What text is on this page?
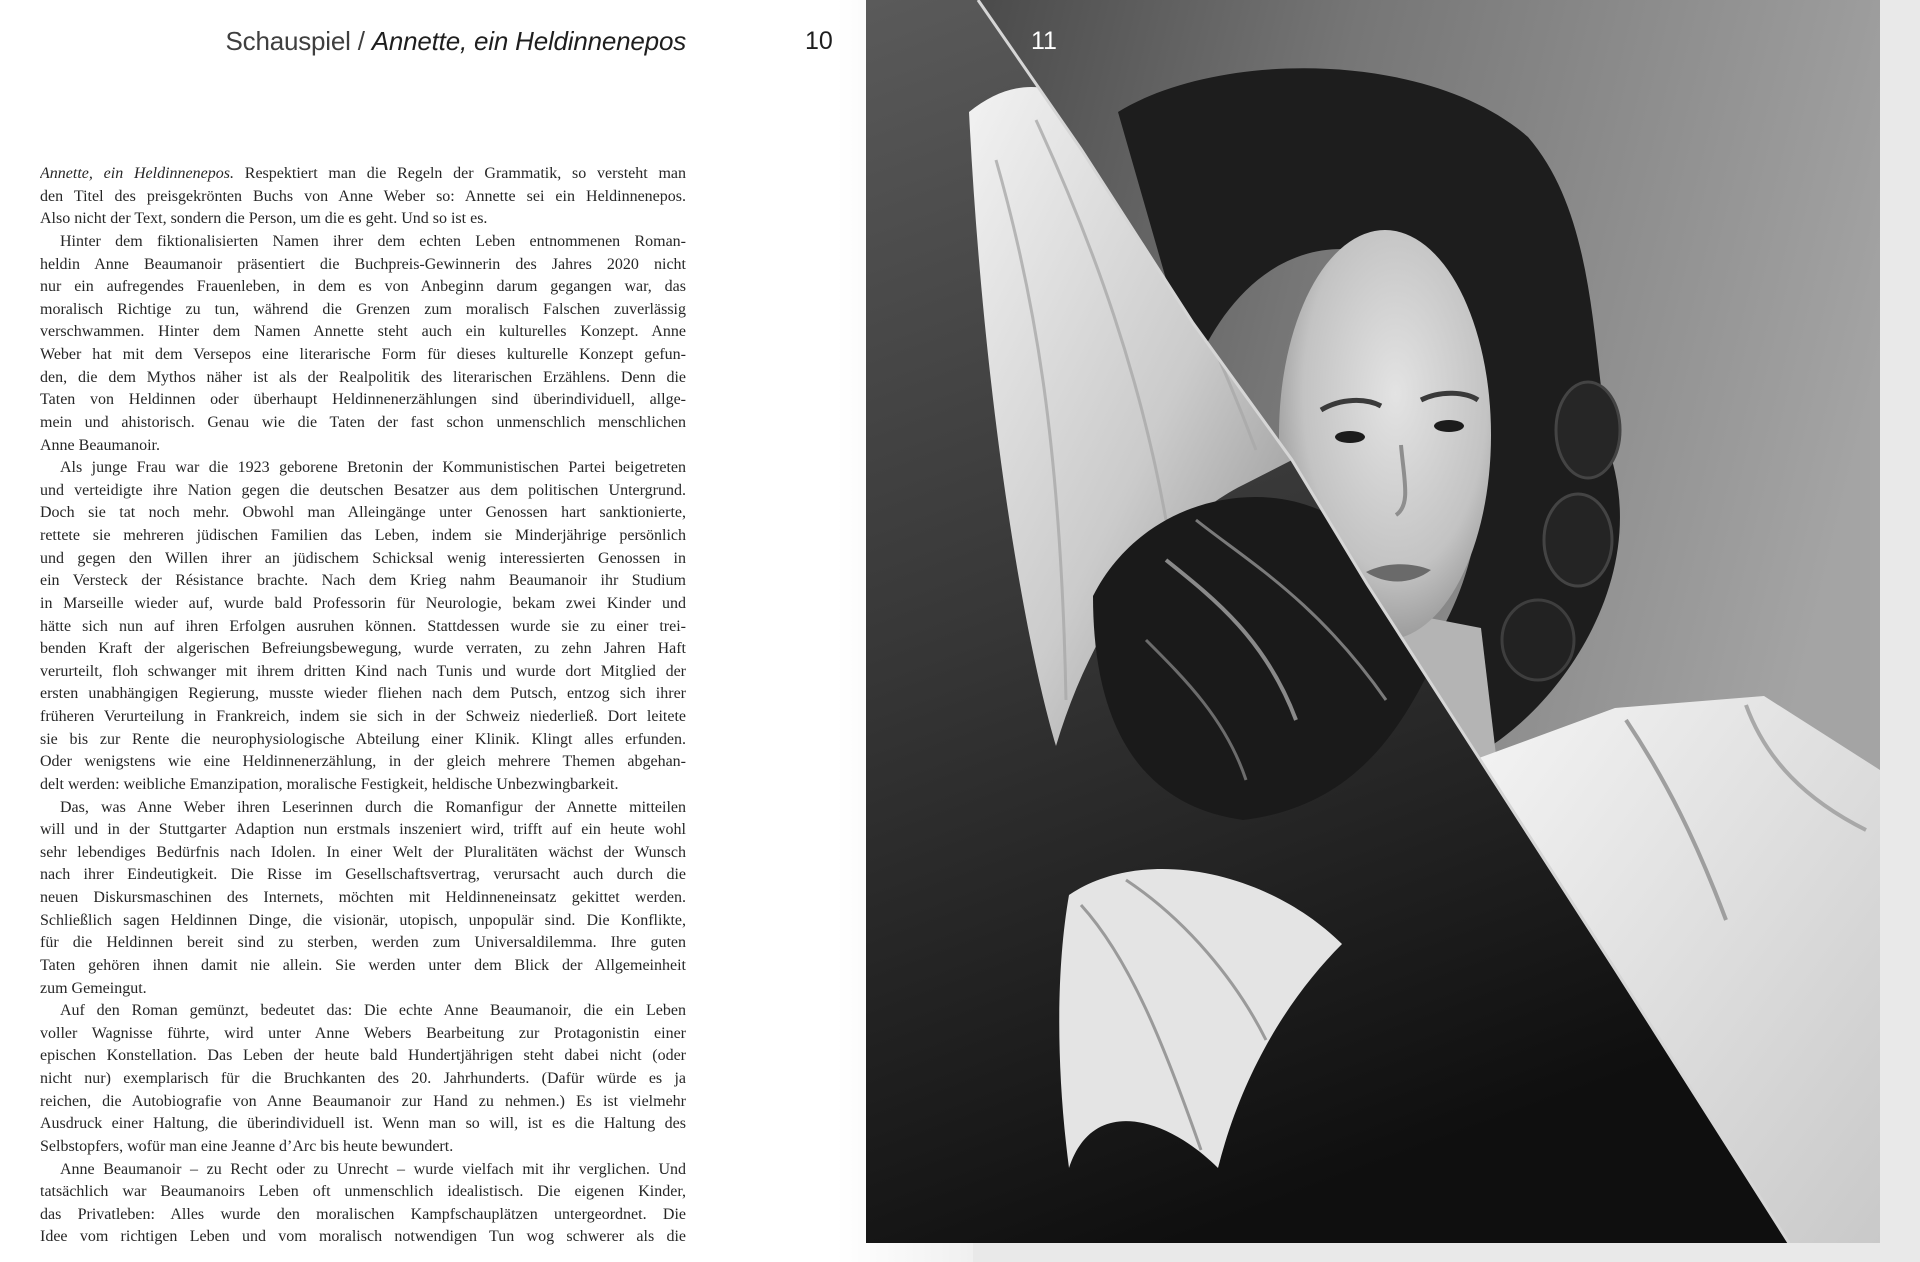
Schauspiel / Annette, ein Heldinnenepos	10	11
Annette, ein Heldinnenepos. Respektiert man die Regeln der Grammatik, so versteht man
den Titel des preisgekrönten Buchs von Anne Weber so: Annette sei ein Heldinnenepos.
Also nicht der Text, sondern die Person, um die es geht. Und so ist es.
Hinter dem fiktionalisierten Namen ihrer dem echten Leben entnommenen Roman-
heldin Anne Beaumanoir präsentiert die Buchpreis-Gewinnerin des Jahres 2020 nicht
nur ein aufregendes Frauenleben, in dem es von Anbeginn darum gegangen war, das
moralisch Richtige zu tun, während die Grenzen zum moralisch Falschen zuverlässig
verschwammen. Hinter dem Namen Annette steht auch ein kulturelles Konzept. Anne
Weber hat mit dem Versepos eine literarische Form für dieses kulturelle Konzept gefun-
den, die dem Mythos näher ist als der Realpolitik des literarischen Erzählens. Denn die
Taten von Heldinnen oder überhaupt Heldinnenerzählungen sind überindividuell, allge-
mein und ahistorisch. Genau wie die Taten der fast schon unmenschlich menschlichen
Anne Beaumanoir.
Als junge Frau war die 1923 geborene Bretonin der Kommunistischen Partei beigetreten
und verteidigte ihre Nation gegen die deutschen Besatzer aus dem politischen Untergrund.
Doch sie tat noch mehr. Obwohl man Alleingänge unter Genossen hart sanktionierte,
rettete sie mehreren jüdischen Familien das Leben, indem sie Minderjährige persönlich
und gegen den Willen ihrer an jüdischem Schicksal wenig interessierten Genossen in
ein Versteck der Résistance brachte. Nach dem Krieg nahm Beaumanoir ihr Studium
in Marseille wieder auf, wurde bald Professorin für Neurologie, bekam zwei Kinder und
hätte sich nun auf ihren Erfolgen ausruhen können. Stattdessen wurde sie zu einer trei-
benden Kraft der algerischen Befreiungsbewegung, wurde verraten, zu zehn Jahren Haft
verurteilt, floh schwanger mit ihrem dritten Kind nach Tunis und wurde dort Mitglied der
ersten unabhängigen Regierung, musste wieder fliehen nach dem Putsch, entzog sich ihrer
früheren Verurteilung in Frankreich, indem sie sich in der Schweiz niederließ. Dort leitete
sie bis zur Rente die neurophysiologische Abteilung einer Klinik. Klingt alles erfunden.
Oder wenigstens wie eine Heldinnenerzählung, in der gleich mehrere Themen abgehan-
delt werden: weibliche Emanzipation, moralische Festigkeit, heldische Unbezwingbarkeit.
Das, was Anne Weber ihren Leserinnen durch die Romanfigur der Annette mitteilen
will und in der Stuttgarter Adaption nun erstmals inszeniert wird, trifft auf ein heute wohl
sehr lebendiges Bedürfnis nach Idolen. In einer Welt der Pluralitäten wächst der Wunsch
nach ihrer Eindeutigkeit. Die Risse im Gesellschaftsvertrag, verursacht auch durch die
neuen Diskursmaschinen des Internets, möchten mit Heldinneneinsatz gekittet werden.
Schließlich sagen Heldinnen Dinge, die visionär, utopisch, unpopulär sind. Die Konflikte,
für die Heldinnen bereit sind zu sterben, werden zum Universaldilemma. Ihre guten
Taten gehören ihnen damit nie allein. Sie werden unter dem Blick der Allgemeinheit
zum Gemeingut.
Auf den Roman gemünzt, bedeutet das: Die echte Anne Beaumanoir, die ein Leben
voller Wagnisse führte, wird unter Anne Webers Bearbeitung zur Protagonistin einer
epischen Konstellation. Das Leben der heute bald Hundertjährigen steht dabei nicht (oder
nicht nur) exemplarisch für die Bruchkanten des 20. Jahrhunderts. (Dafür würde es ja
reichen, die Autobiografie von Anne Beaumanoir zur Hand zu nehmen.) Es ist vielmehr
Ausdruck einer Haltung, die überindividuell ist. Wenn man so will, ist es die Haltung des
Selbstopfers, wofür man eine Jeanne d’Arc bis heute bewundert.
Anne Beaumanoir – zu Recht oder zu Unrecht – wurde vielfach mit ihr verglichen. Und
tatsächlich war Beaumanoirs Leben oft unmenschlich idealistisch. Die eigenen Kinder,
das Privatleben: Alles wurde den moralischen Kampfschauplätzen untergeordnet. Die
Idee vom richtigen Leben und vom moralisch notwendigen Tun wog schwerer als die
